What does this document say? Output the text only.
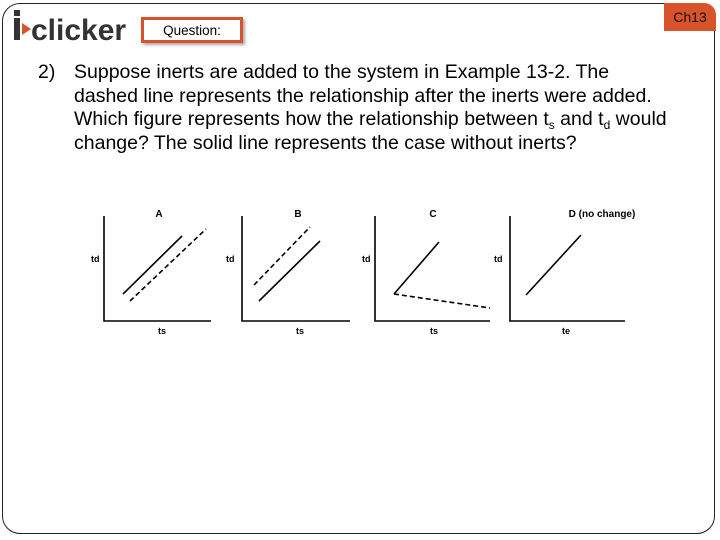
clicker	Question:
Ch13
2) Suppose inerts are added to the system in Example 13-2. The dashed line represents the relationship after the inerts were added. Which figure represents how the relationship between $t_s$ and $t_d$ would change? The solid line represents the case without inerts?
A
td
ts
B
td
ts
C
td
ts
D (no change)
td
te
